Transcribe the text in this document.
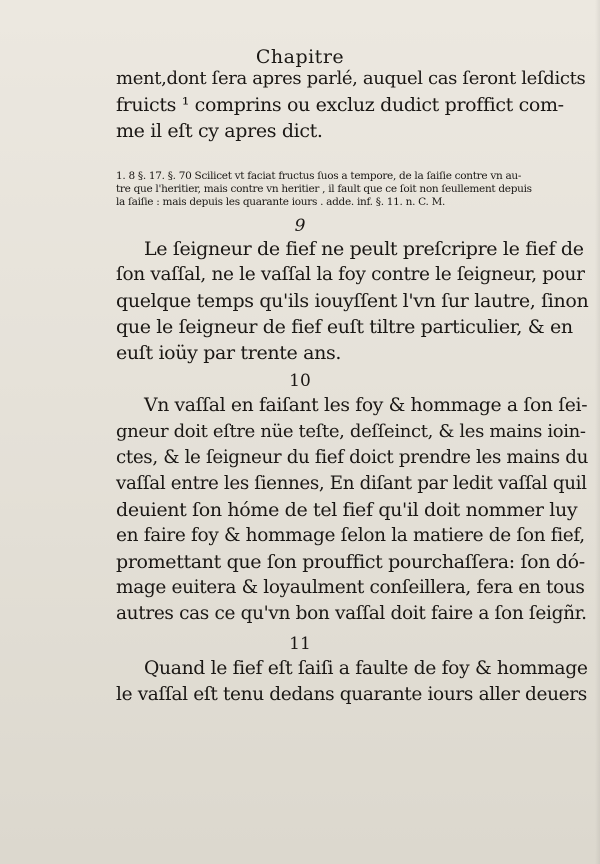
Chapitre
ment,dont ſera apres parlé, auquel cas ſeront leſdicts
fruicts ¹ comprins ou excluz dudict proffict com-
me il eſt cy apres dict.
1. 8 §. 17. §. 70 Scilicet vt faciat fructus ſuos a tempore, de la ſaiſie contre vn au-
tre que l'heritier, mais contre vn heritier , il fault que ce ſoit non ſeullement depuis
la ſaiſie : mais depuis les quarante iours . adde. inf. §. 11. n. C. M.
9
Le ſeigneur de fief ne peult preſcripre le fief de
ſon vaſſal, ne le vaſſal la foy contre le ſeigneur, pour
quelque temps qu'ils iouyſſent l'vn ſur lautre, ſinon
que le ſeigneur de fief euſt tiltre particulier, & en
euſt ioüy par trente ans.
10
Vn vaſſal en faiſant les foy & hommage a ſon ſei-
gneur doit eſtre nüe teſte, deſſeinct, & les mains ioin-
ctes, & le ſeigneur du fief doict prendre les mains du
vaſſal entre les ſiennes, En diſant par ledit vaſſal quil
deuient ſon hóme de tel fief qu'il doit nommer luy
en faire foy & hommage ſelon la matiere de ſon fief,
promettant que ſon prouffict pourchaſſera: ſon dó-
mage euitera & loyaulment conſeillera, fera en tous
autres cas ce qu'vn bon vaſſal doit faire a ſon ſeigñr.
11
Quand le fief eſt ſaiſi a faulte de foy & hommage
le vaſſal eſt tenu dedans quarante iours aller deuers
